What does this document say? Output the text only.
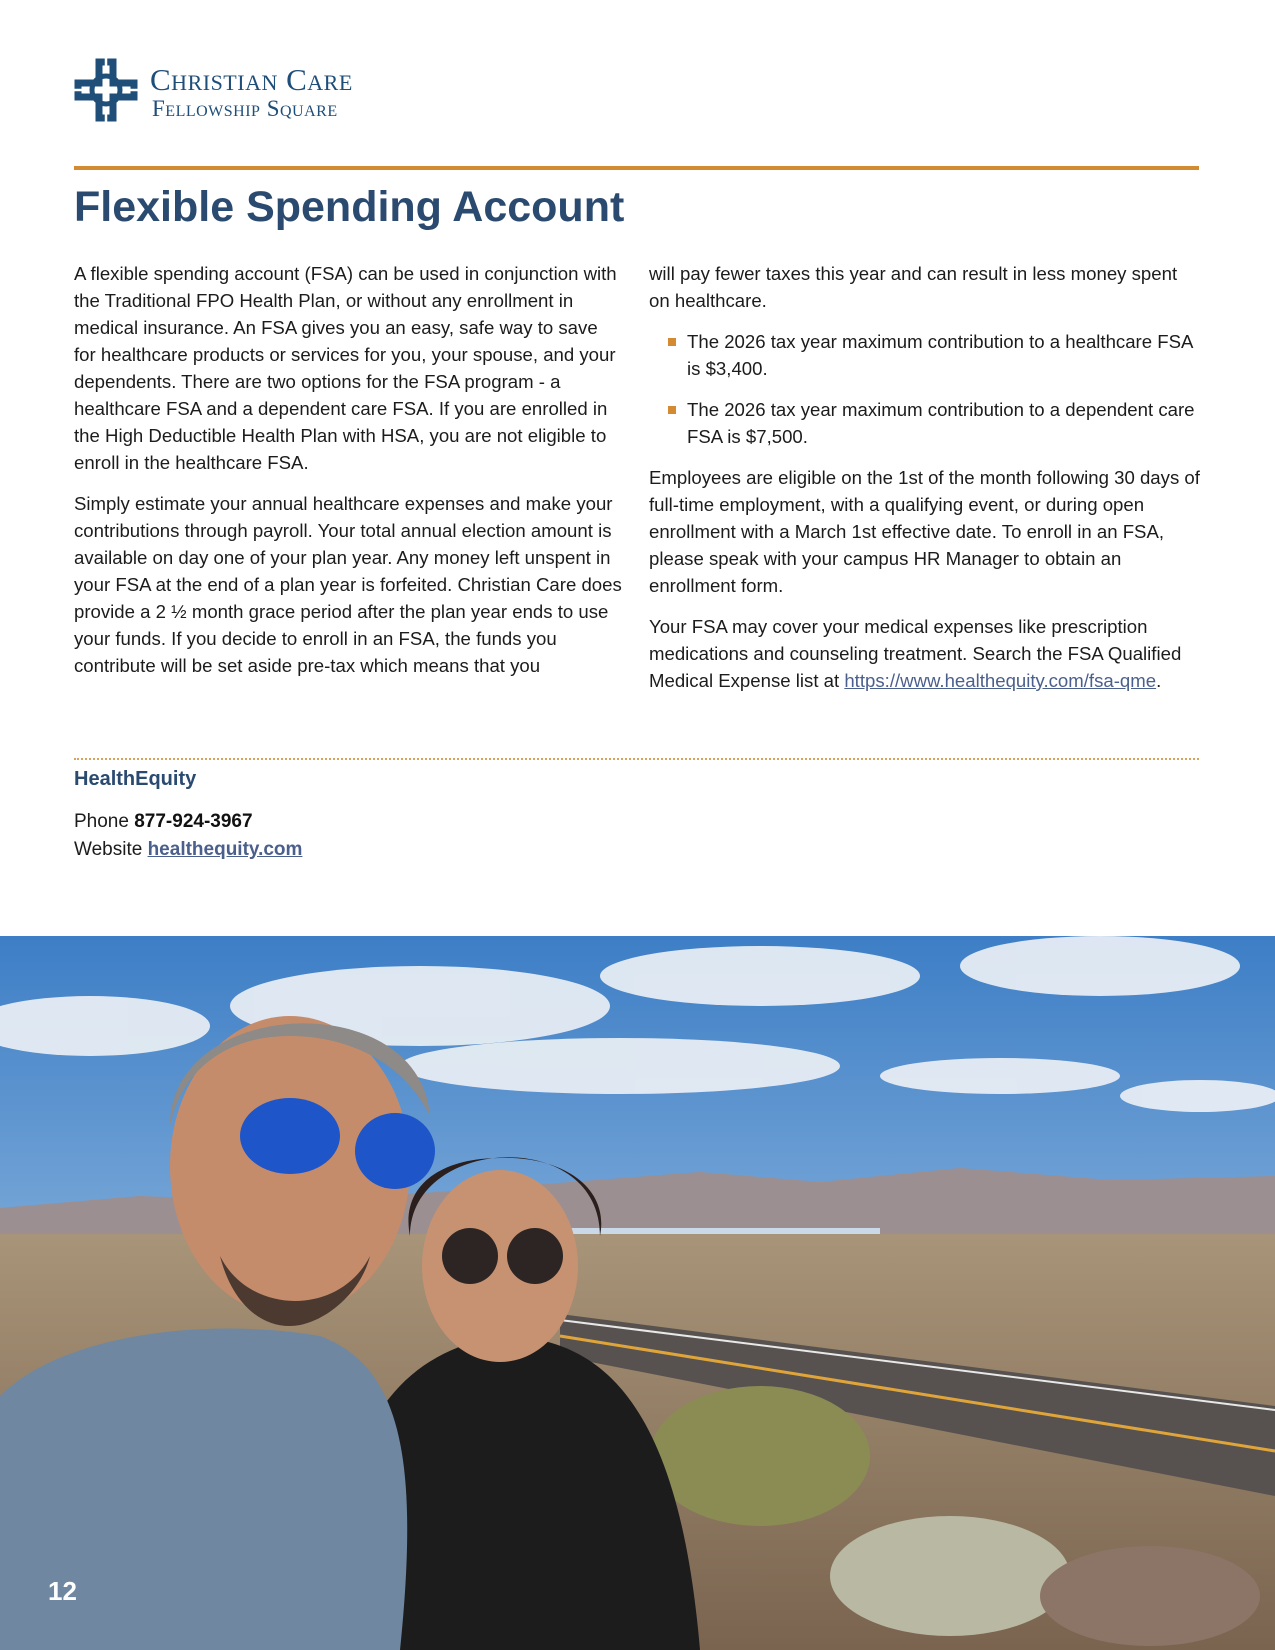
Christian Care
Fellowship Square
Flexible Spending Account

A flexible spending account (FSA) can be used in conjunction with the Traditional FPO Health Plan, or without any enrollment in medical insurance. An FSA gives you an easy, safe way to save for healthcare products or services for you, your spouse, and your dependents. There are two options for the FSA program - a healthcare FSA and a dependent care FSA. If you are enrolled in the High Deductible Health Plan with HSA, you are not eligible to enroll in the healthcare FSA.

Simply estimate your annual healthcare expenses and make your contributions through payroll. Your total annual election amount is available on day one of your plan year. Any money left unspent in your FSA at the end of a plan year is forfeited. Christian Care does provide a 2 ½ month grace period after the plan year ends to use your funds. If you decide to enroll in an FSA, the funds you contribute will be set aside pre-tax which means that you

will pay fewer taxes this year and can result in less money spent on healthcare.

The 2026 tax year maximum contribution to a healthcare FSA is $3,400.
The 2026 tax year maximum contribution to a dependent care FSA is $7,500.

Employees are eligible on the 1st of the month following 30 days of full-time employment, with a qualifying event, or during open enrollment with a March 1st effective date. To enroll in an FSA, please speak with your campus HR Manager to obtain an enrollment form.

Your FSA may cover your medical expenses like prescription medications and counseling treatment. Search the FSA Qualified Medical Expense list at https://www.healthequity.com/fsa-qme.

HealthEquity
Phone 877-924-3967
Website healthequity.com
12
